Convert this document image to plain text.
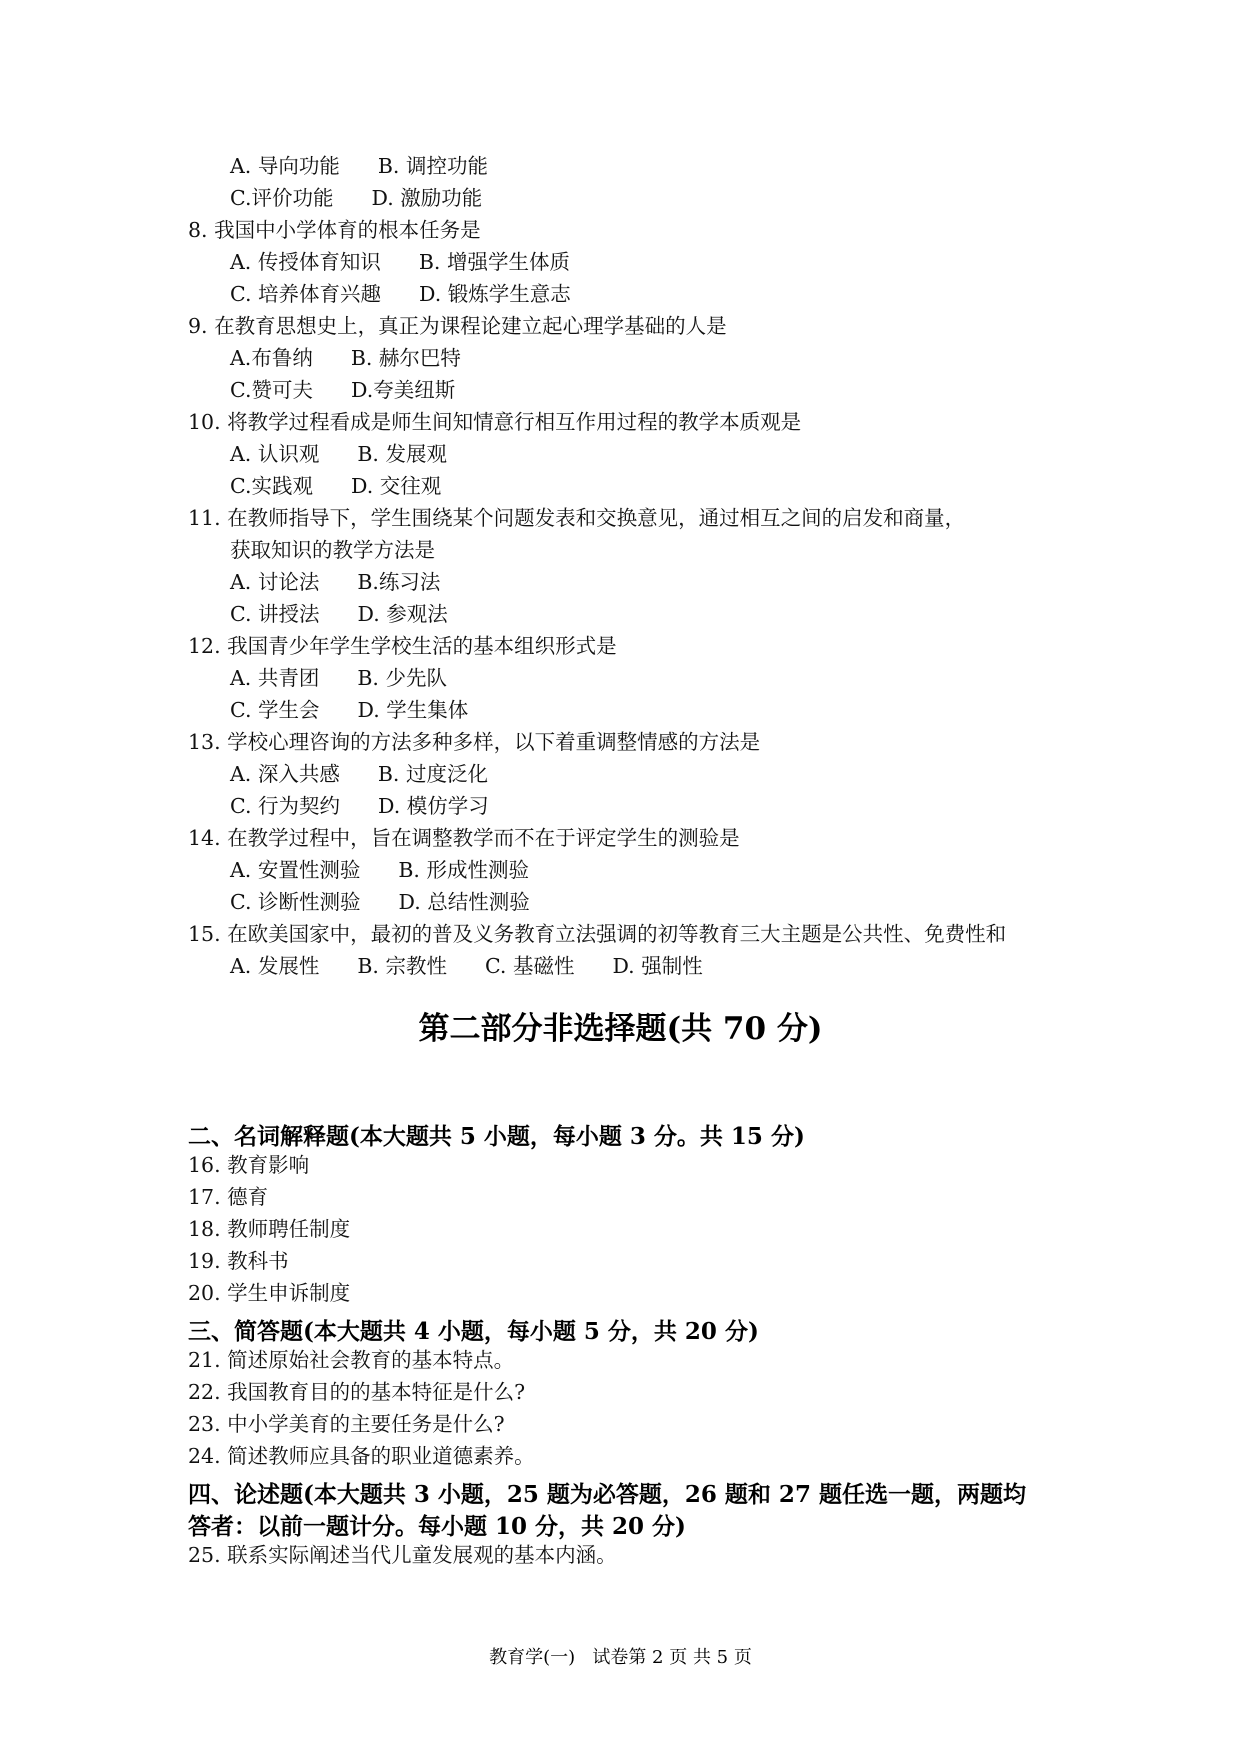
A. 导向功能 B. 调控功能
C.评价功能 D. 激励功能
8. 我国中小学体育的根本任务是
A. 传授体育知识 B. 增强学生体质
C. 培养体育兴趣 D. 锻炼学生意志
9. 在教育思想史上，真正为课程论建立起心理学基础的人是
A.布鲁纳 B. 赫尔巴特
C.赞可夫 D.夸美纽斯
10. 将教学过程看成是师生间知情意行相互作用过程的教学本质观是
A. 认识观 B. 发展观
C.实践观 D. 交往观
11. 在教师指导下，学生围绕某个问题发表和交换意见，通过相互之间的启发和商量，
获取知识的教学方法是
A. 讨论法 B.练习法
C. 讲授法 D. 参观法
12. 我国青少年学生学校生活的基本组织形式是
A. 共青团 B. 少先队
C. 学生会 D. 学生集体
13. 学校心理咨询的方法多种多样，以下着重调整情感的方法是
A. 深入共感 B. 过度泛化
C. 行为契约 D. 模仿学习
14. 在教学过程中，旨在调整教学而不在于评定学生的测验是
A. 安置性测验 B. 形成性测验
C. 诊断性测验 D. 总结性测验
15. 在欧美国家中，最初的普及义务教育立法强调的初等教育三大主题是公共性、免费性和
A. 发展性 B. 宗教性 C. 基磁性 D. 强制性
第二部分非选择题(共 70 分)
二、名词解释题(本大题共 5 小题，每小题 3 分。共 15 分)
16. 教育影响
17. 德育
18. 教师聘任制度
19. 教科书
20. 学生申诉制度
三、简答题(本大题共 4 小题，每小题 5 分，共 20 分)
21. 简述原始社会教育的基本特点。
22. 我国教育目的的基本特征是什么?
23. 中小学美育的主要任务是什么?
24. 简述教师应具备的职业道德素养。
四、论述题(本大题共 3 小题，25 题为必答题，26 题和 27 题任选一题，两题均
答者：以前一题计分。每小题 10 分，共 20 分)
25. 联系实际阐述当代儿童发展观的基本内涵。
教育学(一)   试卷第 2 页 共 5 页
